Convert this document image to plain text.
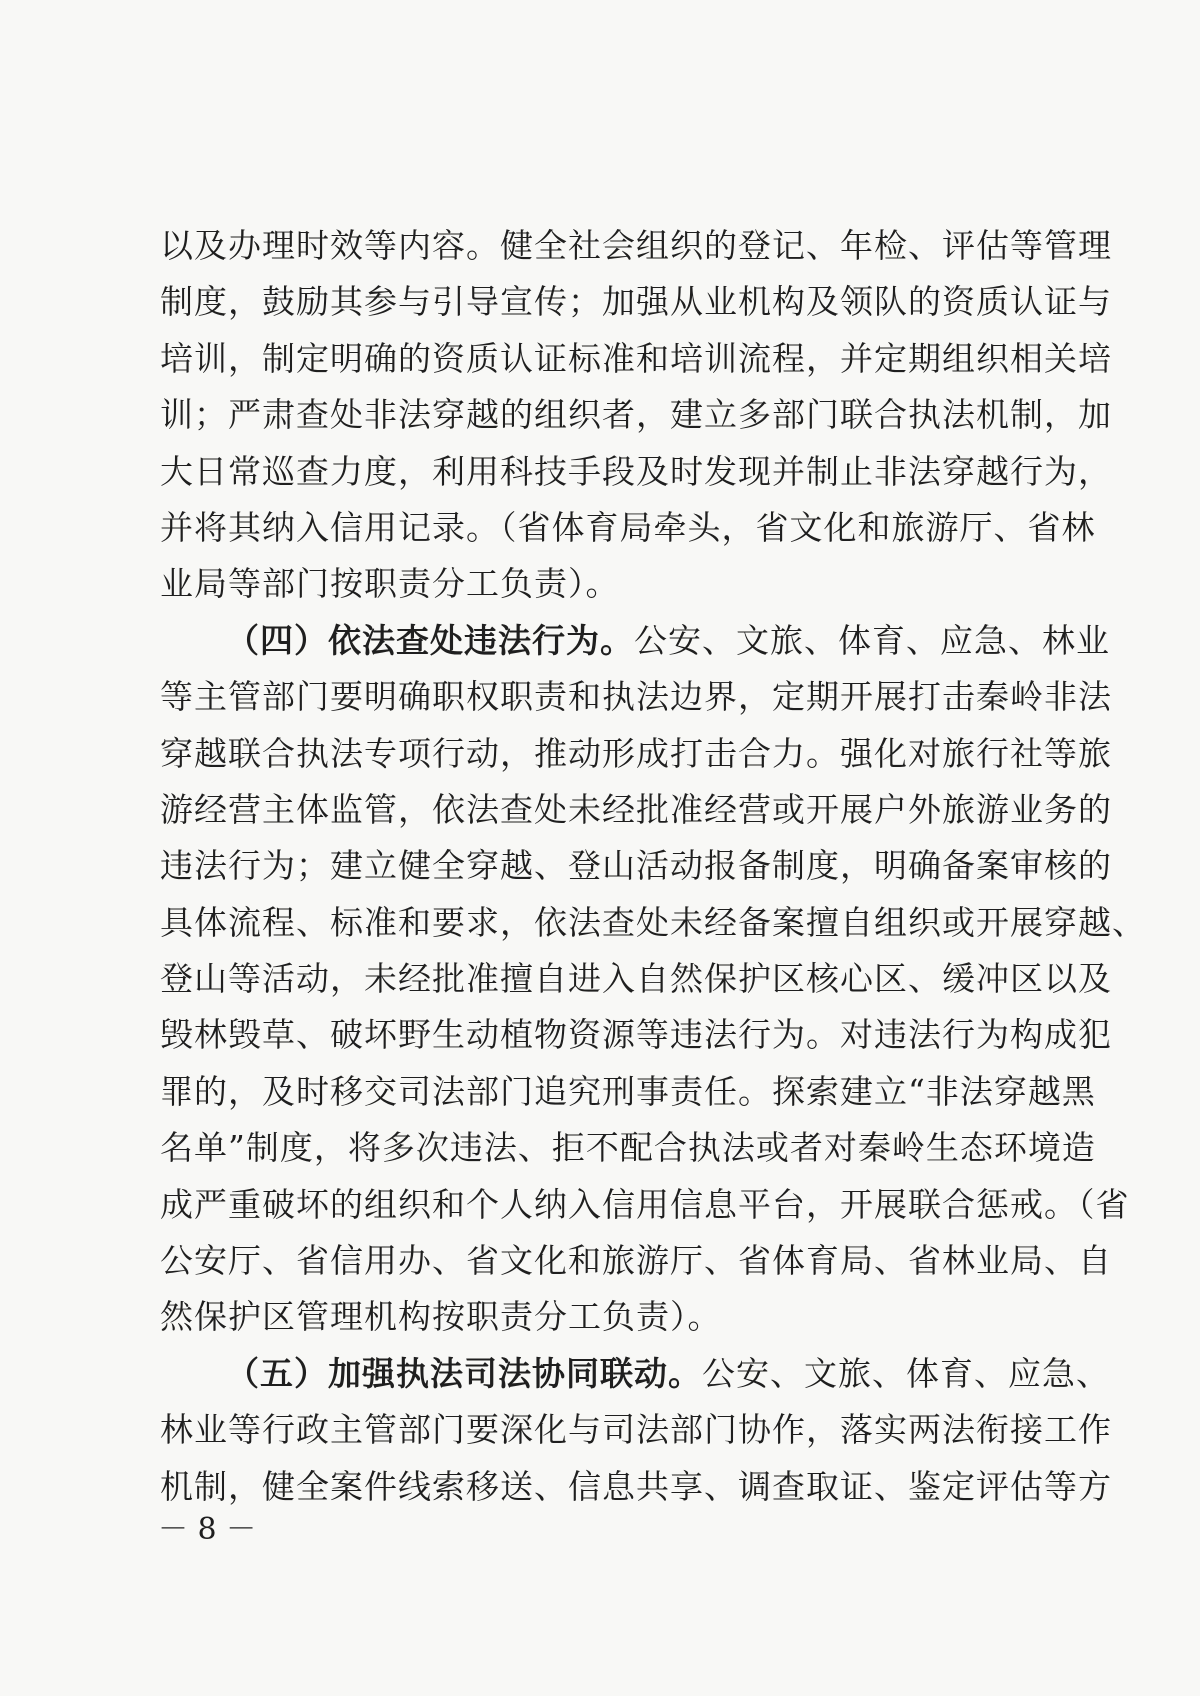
以及办理时效等内容。健全社会组织的登记、年检、评估等管理
制度，鼓励其参与引导宣传；加强从业机构及领队的资质认证与
培训，制定明确的资质认证标准和培训流程，并定期组织相关培
训；严肃查处非法穿越的组织者，建立多部门联合执法机制，加
大日常巡查力度，利用科技手段及时发现并制止非法穿越行为，
并将其纳入信用记录。（省体育局牵头，省文化和旅游厅、省林
业局等部门按职责分工负责）。
（四）依法查处违法行为。公安、文旅、体育、应急、林业
等主管部门要明确职权职责和执法边界，定期开展打击秦岭非法
穿越联合执法专项行动，推动形成打击合力。强化对旅行社等旅
游经营主体监管，依法查处未经批准经营或开展户外旅游业务的
违法行为；建立健全穿越、登山活动报备制度，明确备案审核的
具体流程、标准和要求，依法查处未经备案擅自组织或开展穿越、
登山等活动，未经批准擅自进入自然保护区核心区、缓冲区以及
毁林毁草、破坏野生动植物资源等违法行为。对违法行为构成犯
罪的，及时移交司法部门追究刑事责任。探索建立“非法穿越黑
名单”制度，将多次违法、拒不配合执法或者对秦岭生态环境造
成严重破坏的组织和个人纳入信用信息平台，开展联合惩戒。（省
公安厅、省信用办、省文化和旅游厅、省体育局、省林业局、自
然保护区管理机构按职责分工负责）。
（五）加强执法司法协同联动。公安、文旅、体育、应急、
林业等行政主管部门要深化与司法部门协作，落实两法衔接工作
机制，健全案件线索移送、信息共享、调查取证、鉴定评估等方
－ 8 －
